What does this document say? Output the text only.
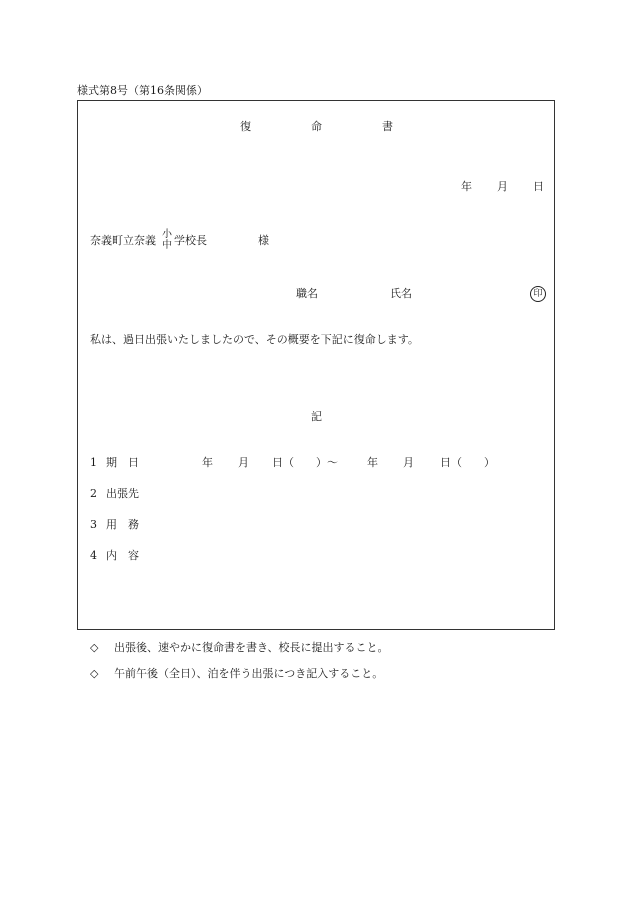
様式第8号（第16条関係）
復	命	書
年 月 日
奈義町立奈義 小
中 学校長	様
職名	氏名	印
私は、過日出張いたしましたので、その概要を下記に復命します。
記
1 期　日	年 月 日（　　）～	年 月 日（　　）
2 出張先
3 用　務
4 内　容
◇ 出張後、速やかに復命書を書き、校長に提出すること。
◇ 午前午後（全日）、泊を伴う出張につき記入すること。
